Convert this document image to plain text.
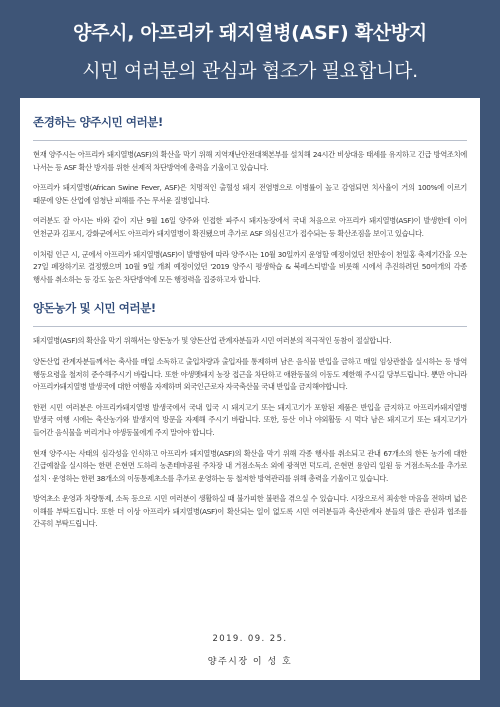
양주시, 아프리카 돼지열병(ASF) 확산방지
시민 여러분의 관심과 협조가 필요합니다.
존경하는 양주시민 여러분!

현재 양주시는 아프리카 돼지열병(ASF)의 확산을 막기 위해 지역재난안전대책본부를 설치해 24시간 비상대응 태세를 유지하고 긴급 방역조치에 나서는 등 ASF 확산 방지를 위한 선제적 차단방역에 총력을 기울이고 있습니다.

아프리카 돼지열병(African Swine Fever, ASF)은 치명적인 출혈성 돼지 전염병으로 이병률이 높고 감염되면 치사율이 거의 100%에 이르기 때문에 양돈 산업에 엄청난 피해를 주는 무서운 질병입니다.

여러분도 잘 아시는 바와 같이 지난 9월 16일 양주와 인접한 파주시 돼지농장에서 국내 처음으로 아프리카 돼지열병(ASF)이 발생한데 이어 연천군과 김포시, 강화군에서도 아프리카 돼지열병이 확진됐으며 추가로 ASF 의심신고가 접수되는 등 확산조짐을 보이고 있습니다.

이처럼 인근 시, 군에서 아프리카 돼지열병(ASF)이 발병함에 따라 양주시는 10월 30일까지 운영할 예정이었던 천만송이 천일홍 축제기간을 오는 27일 폐장하기로 결정했으며 10월 9일 개최 예정이었던 '2019 양주시 평생학습 & 북페스티벌'을 비롯해 시에서 추진하려던 50여개의 각종 행사를 취소하는 등 강도 높은 차단방역에 모든 행정력을 집중하고자 합니다.

양돈농가 및 시민 여러분!

돼지열병(ASF)의 확산을 막기 위해서는 양돈농가 및 양돈산업 관계자분들과 시민 여러분의 적극적인 동참이 절실합니다.

양돈산업 관계자분들께서는 축사를 매일 소독하고 출입차량과 출입자를 통제하며 남은 음식물 반입을 금하고 매일 임상관찰을 실시하는 등 방역 행동요령을 철저히 준수해주시기 바랍니다. 또한 야생멧돼지 농장 접근을 차단하고 애완동물의 이동도 제한해 주시길 당부드립니다. 뿐만 아니라 아프리카돼지열병 발생국에 대한 여행을 자제하며 외국인근로자 자국축산물 국내 반입을 금지해야합니다.

한편 시민 여러분은 아프리카돼지열병 발생국에서 국내 입국 시 돼지고기 또는 돼지고기가 포함된 제품은 반입을 금지하고 아프리카돼지열병 발생국 여행 시에는 축산농가와 발생지역 방문을 자제해 주시기 바랍니다. 또한, 등산 이나 야외활동 시 먹다 남은 돼지고기 또는 돼지고기가 들어간 음식물을 버리거나 야생동물에게 주지 말아야 합니다.

현재 양주시는 사태의 심각성을 인식하고 아프리카 돼지열병(ASF)의 확산을 막기 위해 각종 행사를 취소되고 관내 67개소의 한돈 농가에 대한 긴급예찰을 실시하는 한편 은현면 도하리 농촌테마공원 주차장 내 거점소독소 외에 광적면 덕도리, 은현면 용암리 일원 등 거점소독소를 추가로 설치 · 운영하는 한편 38개소의 이동통제초소를 추가로 운영하는 등 철저한 방역관리를 위해 총력을 기울이고 있습니다.

방역초소 운영과 차량통제, 소독 등으로 시민 여러분이 생활하실 때 불가피한 불편을 겪으실 수 있습니다. 시장으로서 죄송한 마음을 전하며 넓은 이해를 부탁드립니다. 또한 더 이상 아프리카 돼지열병(ASF)이 확산되는 일이 없도록 시민 여러분들과 축산관계자 분들의 많은 관심과 협조를 간곡히 부탁드립니다.

2019. 09. 25.
양주시장 이 성 호
